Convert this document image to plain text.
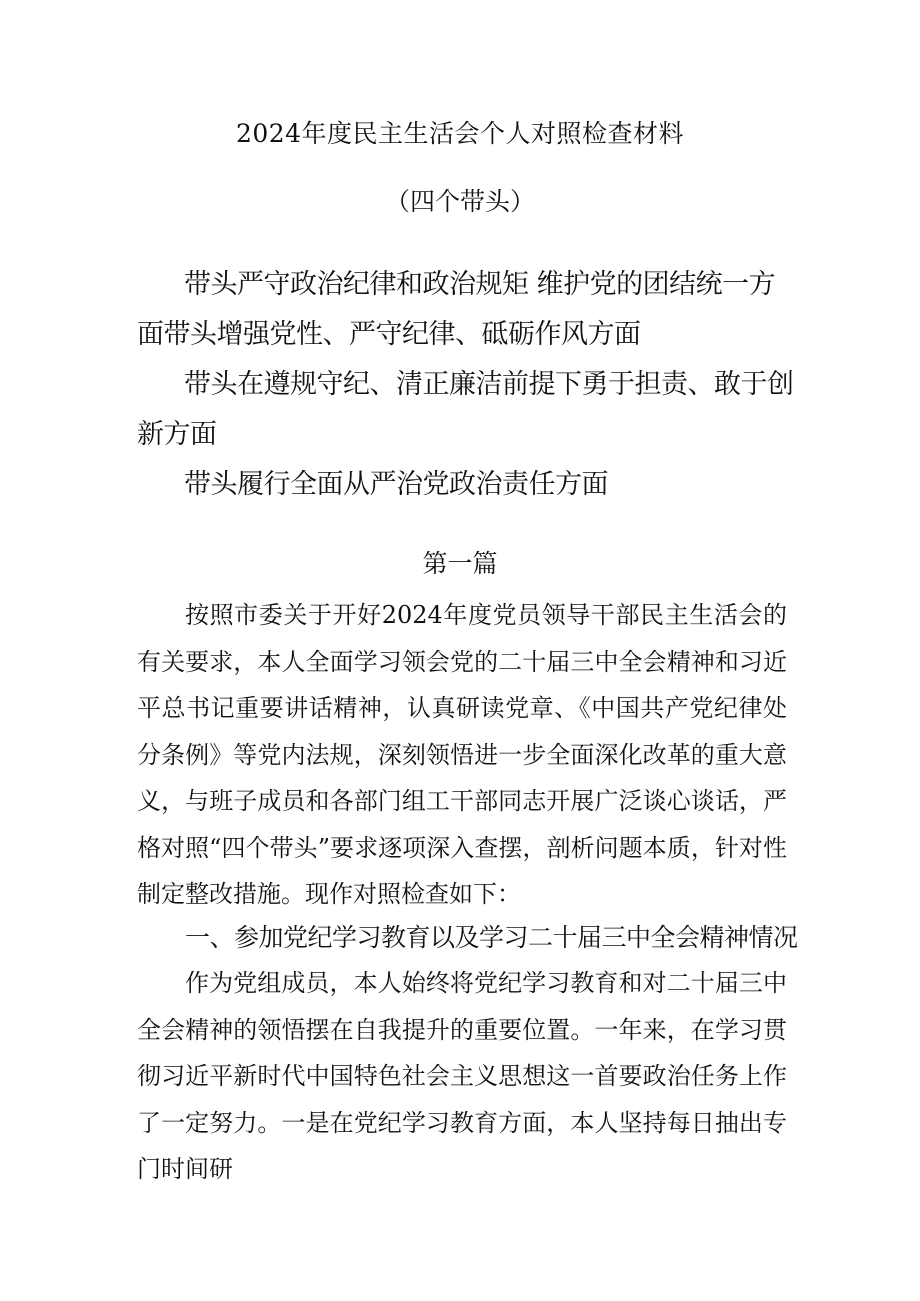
2024年度民主生活会个人对照检查材料
（四个带头）

带头严守政治纪律和政治规矩 维护党的团结统一方面带头增强党性、严守纪律、砥砺作风方面

带头在遵规守纪、清正廉洁前提下勇于担责、敢于创新方面

带头履行全面从严治党政治责任方面

第一篇

按照市委关于开好2024年度党员领导干部民主生活会的有关要求，本人全面学习领会党的二十届三中全会精神和习近平总书记重要讲话精神，认真研读党章、《中国共产党纪律处分条例》等党内法规，深刻领悟进一步全面深化改革的重大意义，与班子成员和各部门组工干部同志开展广泛谈心谈话，严格对照“四个带头”要求逐项深入查摆，剖析问题本质，针对性制定整改措施。现作对照检查如下：

一、参加党纪学习教育以及学习二十届三中全会精神情况

作为党组成员，本人始终将党纪学习教育和对二十届三中全会精神的领悟摆在自我提升的重要位置。一年来，在学习贯彻习近平新时代中国特色社会主义思想这一首要政治任务上作了一定努力。一是在党纪学习教育方面，本人坚持每日抽出专门时间研
